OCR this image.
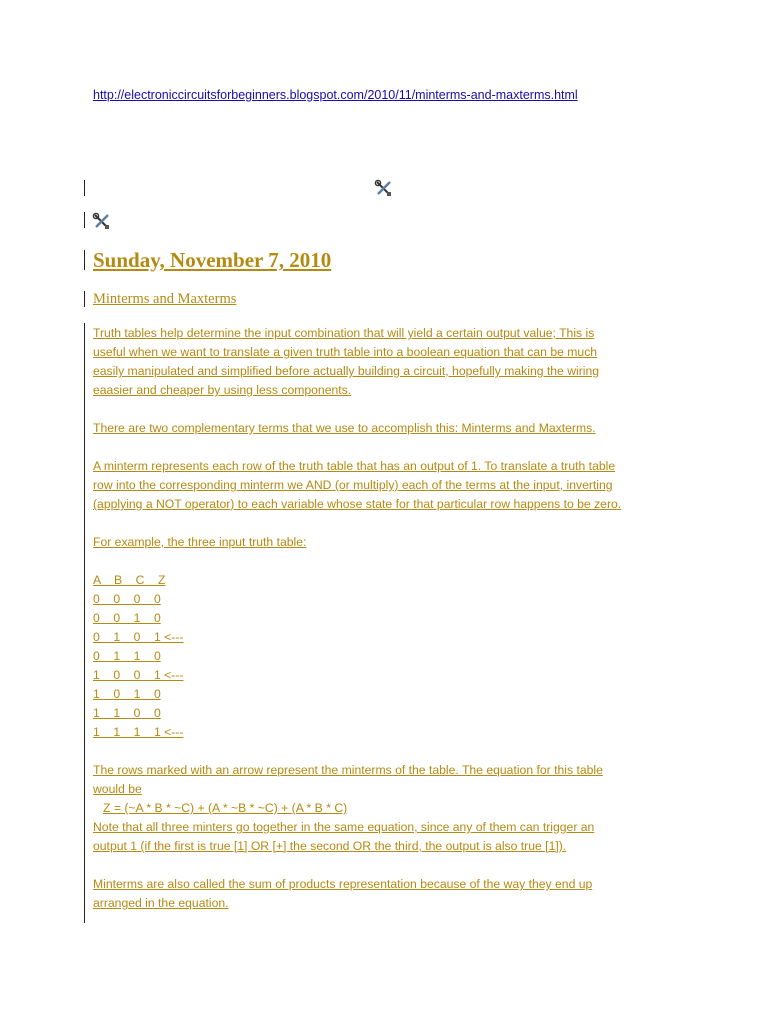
http://electroniccircuitsforbeginners.blogspot.com/2010/11/minterms-and-maxterms.html
Sunday, November 7, 2010
Minterms and Maxterms

Truth tables help determine the input combination that will yield a certain output value; This is
useful when we want to translate a given truth table into a boolean equation that can be much
easily manipulated and simplified before actually building a circuit, hopefully making the wiring
eaasier and cheaper by using less components.

There are two complementary terms that we use to accomplish this: Minterms and Maxterms.

A minterm represents each row of the truth table that has an output of 1. To translate a truth table
row into the corresponding minterm we AND (or multiply) each of the terms at the input, inverting
(applying a NOT operator) to each variable whose state for that particular row happens to be zero.

For example, the three input truth table:

A    B    C    Z
0    0    0    0
0    0    1    0
0    1    0    1 <---
0    1    1    0
1    0    0    1 <---
1    0    1    0
1    1    0    0
1    1    1    1 <---
The rows marked with an arrow represent the minterms of the table. The equation for this table
would be
Z = (~A * B * ~C) + (A * ~B * ~C) + (A * B * C)
Note that all three minters go together in the same equation, since any of them can trigger an
output 1 (if the first is true [1] OR [+] the second OR the third, the output is also true [1]).

Minterms are also called the sum of products representation because of the way they end up
arranged in the equation.
